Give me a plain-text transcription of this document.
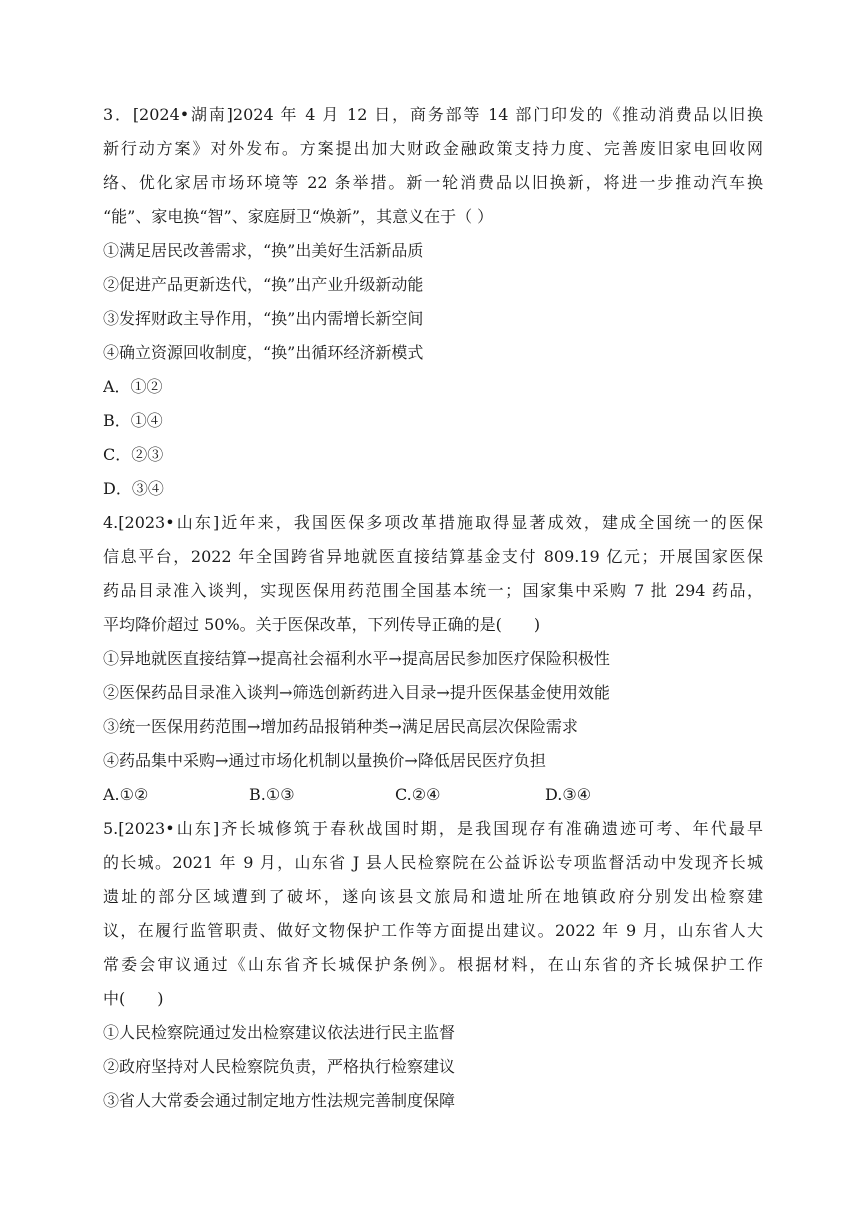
3．[2024•湖南]2024 年 4 月 12 日，商务部等 14 部门印发的《推动消费品以旧换
新行动方案》对外发布。方案提出加大财政金融政策支持力度、完善废旧家电回收网
络、优化家居市场环境等 22 条举措。新一轮消费品以旧换新，将进一步推动汽车换
“能”、家电换“智”、家庭厨卫“焕新”，其意义在于（ ）
①满足居民改善需求，“换”出美好生活新品质
②促进产品更新迭代，“换”出产业升级新动能
③发挥财政主导作用，“换”出内需增长新空间
④确立资源回收制度，“换”出循环经济新模式
A．①②
B．①④
C．②③
D．③④
4.[2023•山东]近年来，我国医保多项改革措施取得显著成效，建成全国统一的医保
信息平台，2022 年全国跨省异地就医直接结算基金支付 809.19 亿元；开展国家医保
药品目录准入谈判，实现医保用药范围全国基本统一；国家集中采购 7 批 294 药品，
平均降价超过 50%。关于医保改革，下列传导正确的是(　　)
①异地就医直接结算→提高社会福利水平→提高居民参加医疗保险积极性
②医保药品目录准入谈判→筛选创新药进入目录→提升医保基金使用效能
③统一医保用药范围→增加药品报销种类→满足居民高层次保险需求
④药品集中采购→通过市场化机制以量换价→降低居民医疗负担
A.①②	B.①③	C.②④	D.③④
5.[2023•山东]齐长城修筑于春秋战国时期，是我国现存有准确遗迹可考、年代最早
的长城。2021 年 9 月，山东省 J 县人民检察院在公益诉讼专项监督活动中发现齐长城
遗址的部分区域遭到了破坏，遂向该县文旅局和遗址所在地镇政府分别发出检察建
议，在履行监管职责、做好文物保护工作等方面提出建议。2022 年 9 月，山东省人大
常委会审议通过《山东省齐长城保护条例》。根据材料，在山东省的齐长城保护工作
中(　　)
①人民检察院通过发出检察建议依法进行民主监督
②政府坚持对人民检察院负责，严格执行检察建议
③省人大常委会通过制定地方性法规完善制度保障
